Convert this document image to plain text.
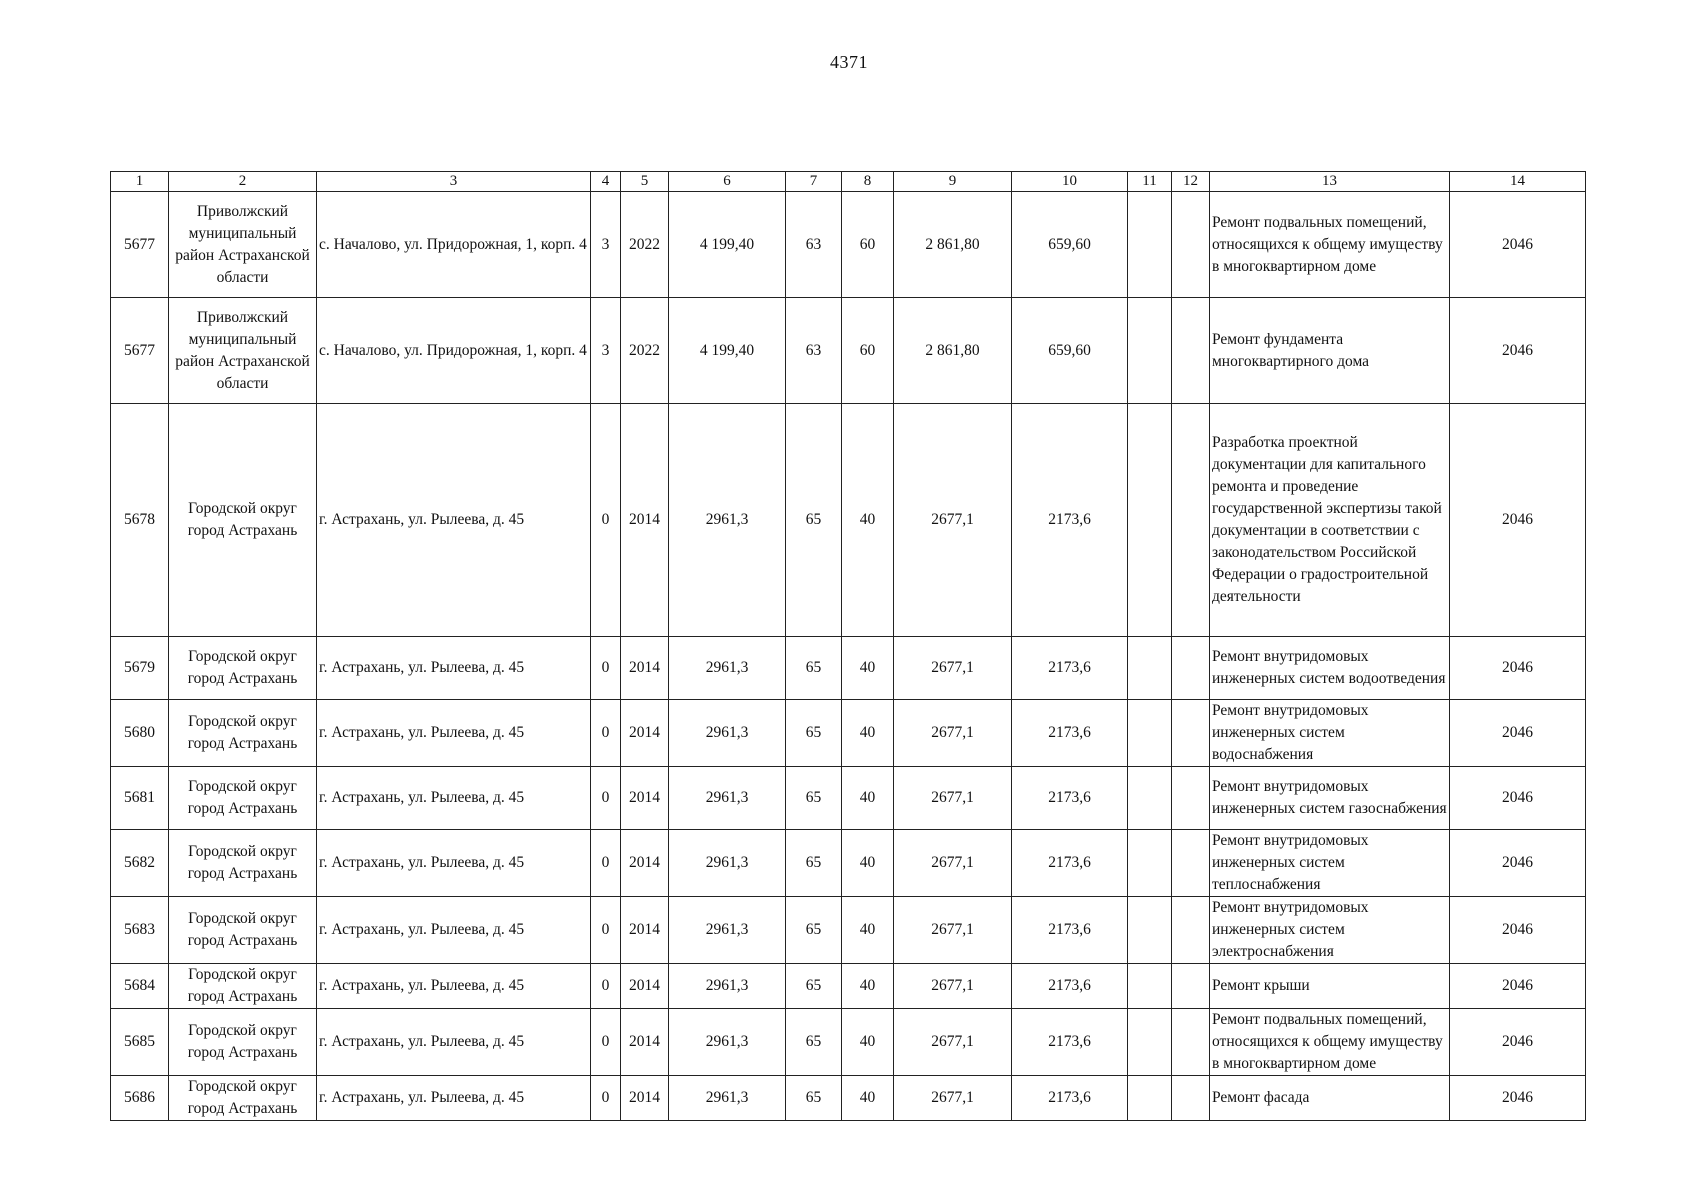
4371
1	2	3	4	5	6	7	8	9	10	11	12	13	14
5677	Приволжский муниципальный район Астраханской области	с. Началово, ул. Придорожная, 1, корп. 4	3	2022	4 199,40	63	60	2 861,80	659,60			Ремонт подвальных помещений, относящихся к общему имуществу в многоквартирном доме	2046
5677	Приволжский муниципальный район Астраханской области	с. Началово, ул. Придорожная, 1, корп. 4	3	2022	4 199,40	63	60	2 861,80	659,60			Ремонт фундамента многоквартирного дома	2046
5678	Городской округ город Астрахань	г. Астрахань, ул. Рылеева, д. 45	0	2014	2961,3	65	40	2677,1	2173,6			Разработка проектной документации для капитального ремонта и проведение государственной экспертизы такой документации в соответствии с законодательством Российской Федерации о градостроительной деятельности	2046
5679	Городской округ город Астрахань	г. Астрахань, ул. Рылеева, д. 45	0	2014	2961,3	65	40	2677,1	2173,6			Ремонт внутридомовых инженерных систем водоотведения	2046
5680	Городской округ город Астрахань	г. Астрахань, ул. Рылеева, д. 45	0	2014	2961,3	65	40	2677,1	2173,6			Ремонт внутридомовых инженерных систем водоснабжения	2046
5681	Городской округ город Астрахань	г. Астрахань, ул. Рылеева, д. 45	0	2014	2961,3	65	40	2677,1	2173,6			Ремонт внутридомовых инженерных систем газоснабжения	2046
5682	Городской округ город Астрахань	г. Астрахань, ул. Рылеева, д. 45	0	2014	2961,3	65	40	2677,1	2173,6			Ремонт внутридомовых инженерных систем теплоснабжения	2046
5683	Городской округ город Астрахань	г. Астрахань, ул. Рылеева, д. 45	0	2014	2961,3	65	40	2677,1	2173,6			Ремонт внутридомовых инженерных систем электроснабжения	2046
5684	Городской округ город Астрахань	г. Астрахань, ул. Рылеева, д. 45	0	2014	2961,3	65	40	2677,1	2173,6			Ремонт крыши	2046
5685	Городской округ город Астрахань	г. Астрахань, ул. Рылеева, д. 45	0	2014	2961,3	65	40	2677,1	2173,6			Ремонт подвальных помещений, относящихся к общему имуществу в многоквартирном доме	2046
5686	Городской округ город Астрахань	г. Астрахань, ул. Рылеева, д. 45	0	2014	2961,3	65	40	2677,1	2173,6			Ремонт фасада	2046
